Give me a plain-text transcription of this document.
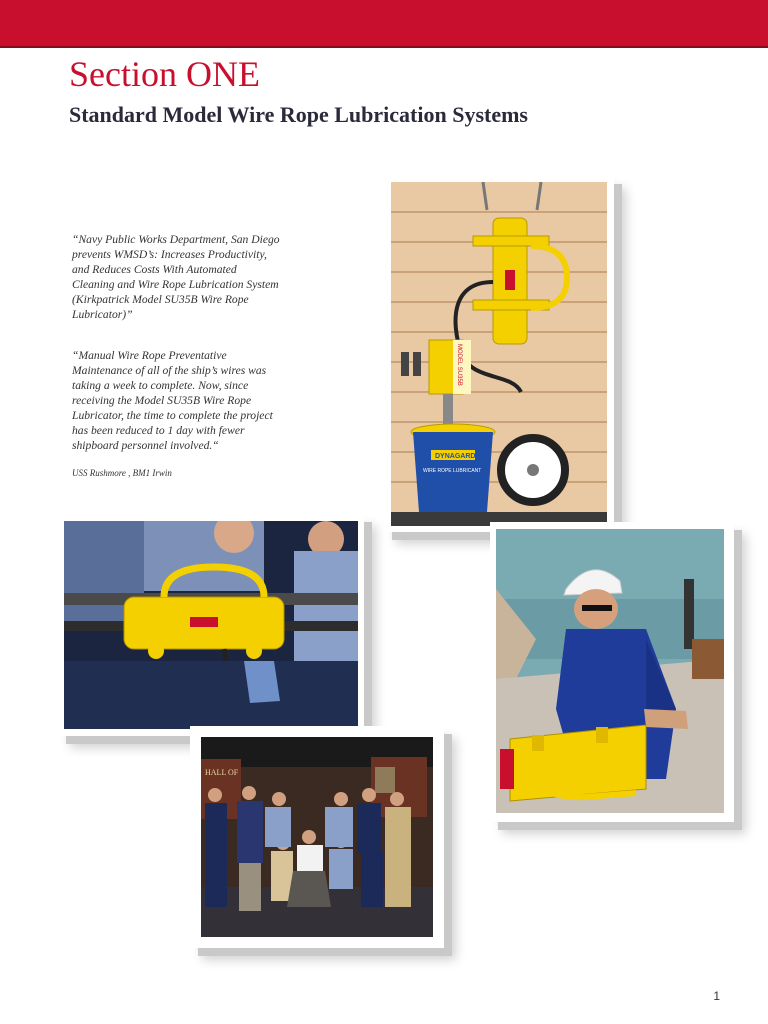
Section ONE
Standard Model Wire Rope Lubrication Systems

“Navy Public Works Department, San Diego prevents WMSD’s: Increases Productivity, and Reduces Costs With Automated Cleaning and Wire Rope Lubrication System (Kirkpatrick Model SU35B Wire Rope Lubricator)”

“Manual Wire Rope Preventative Maintenance of all of the ship’s wires was taking a week to complete. Now, since receiving the Model SU35B Wire Rope Lubricator, the time to complete the project has been reduced to 1 day with fewer shipboard personnel involved.“

USS Rushmore , BM1 Irwin

MODEL SU35B
DYNAGARD
WIRE ROPE LUBRICANT
HALL OF
1
